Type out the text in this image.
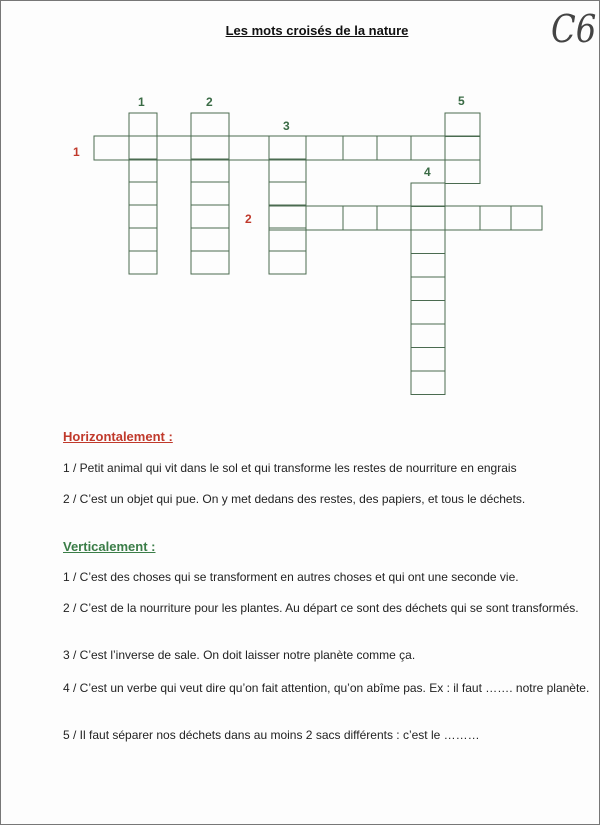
Les mots croisés de la nature	C6
1	2
3
4
5
1
2
Horizontalement :
1 / Petit animal qui vit dans le sol et qui transforme les restes de nourriture en engrais
2 / C’est un objet qui pue. On y met dedans des restes, des papiers, et tous le déchets.
Verticalement :
1 / C’est des choses qui se transforment en autres choses et qui ont une seconde vie.
2 / C’est de la nourriture pour les plantes. Au départ ce sont des déchets qui se sont transformés.
3 / C’est l’inverse de sale. On doit laisser notre planète comme ça.
4 / C’est un verbe qui veut dire qu’on fait attention, qu’on abîme pas. Ex : il faut ……. notre planète.
5 / Il faut séparer nos déchets dans au moins 2 sacs différents : c’est le ………
